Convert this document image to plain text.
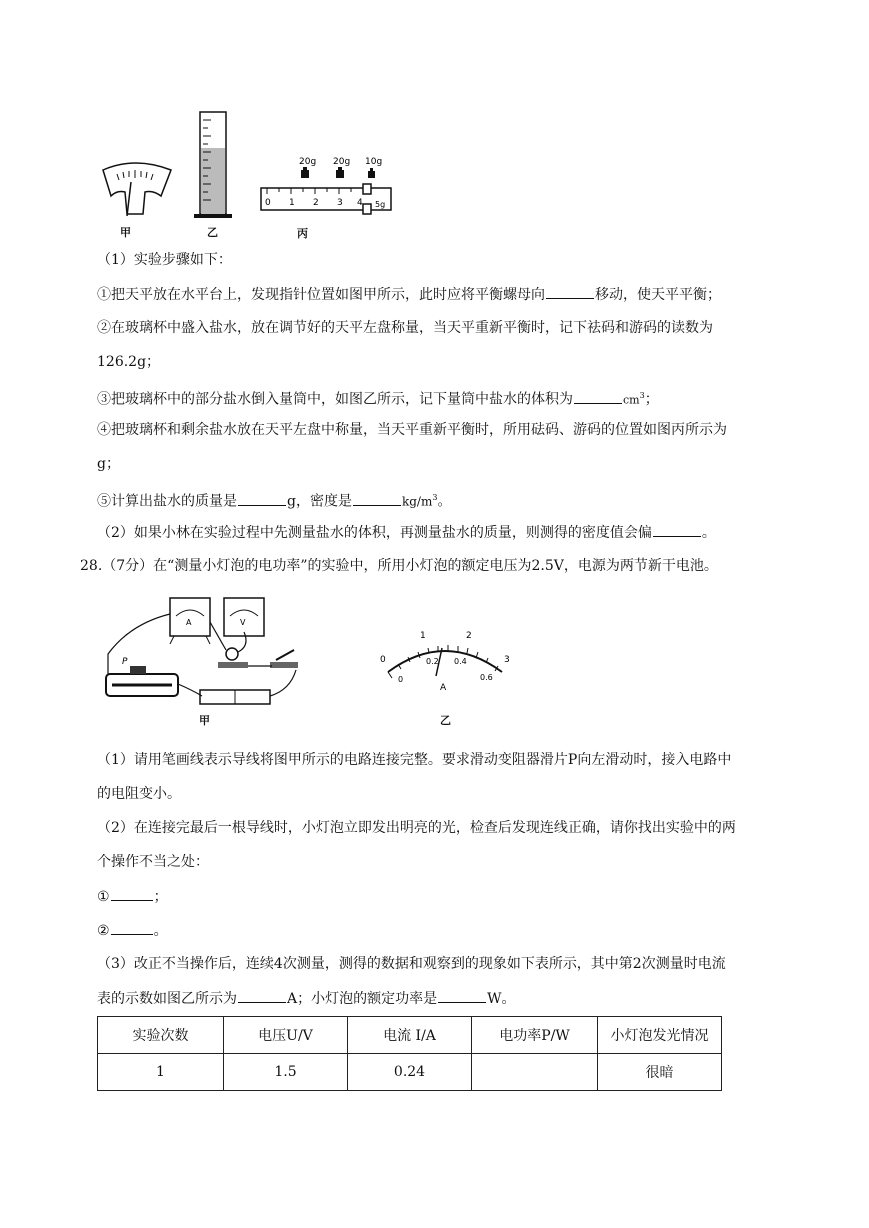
20g 20g 10g
0 1 2 3 4 5g
甲	乙	丙
（1）实验步骤如下：
①把天平放在水平台上，发现指针位置如图甲所示，此时应将平衡螺母向	移动，使天平平衡；
②在玻璃杯中盛入盐水，放在调节好的天平左盘称量，当天平重新平衡时，记下祛码和游码的读数为
126.2g；
③把玻璃杯中的部分盐水倒入量筒中，如图乙所示，记下量筒中盐水的体积为	$cm^3$；
④把玻璃杯和剩余盐水放在天平左盘中称量，当天平重新平衡时，所用砝码、游码的位置如图丙所示为
g；
⑤计算出盐水的质量是	g，密度是	$kg/m^3$。
（2）如果小林在实验过程中先测量盐水的体积，再测量盐水的质量，则测得的密度值会偏	。
28.（7分）在“测量小灯泡的电功率”的实验中，所用小灯泡的额定电压为2.5V，电源为两节新干电池。
A	V
P
甲
0
1	2
3
0
0.2 0.4
0.6
A
乙
（1）请用笔画线表示导线将图甲所示的电路连接完整。要求滑动变阻器滑片P向左滑动时，接入电路中
的电阻变小。
（2）在连接完最后一根导线时，小灯泡立即发出明亮的光，检查后发现连线正确，请你找出实验中的两
个操作不当之处：
①	；
②	。
（3）改正不当操作后，连续4次测量，测得的数据和观察到的现象如下表所示，其中第2次测量时电流
表的示数如图乙所示为	A；小灯泡的额定功率是	W。
实验次数	电压U/V	电流 I/A	电功率P/W	小灯泡发光情况
1	1.5	0.24		很暗
